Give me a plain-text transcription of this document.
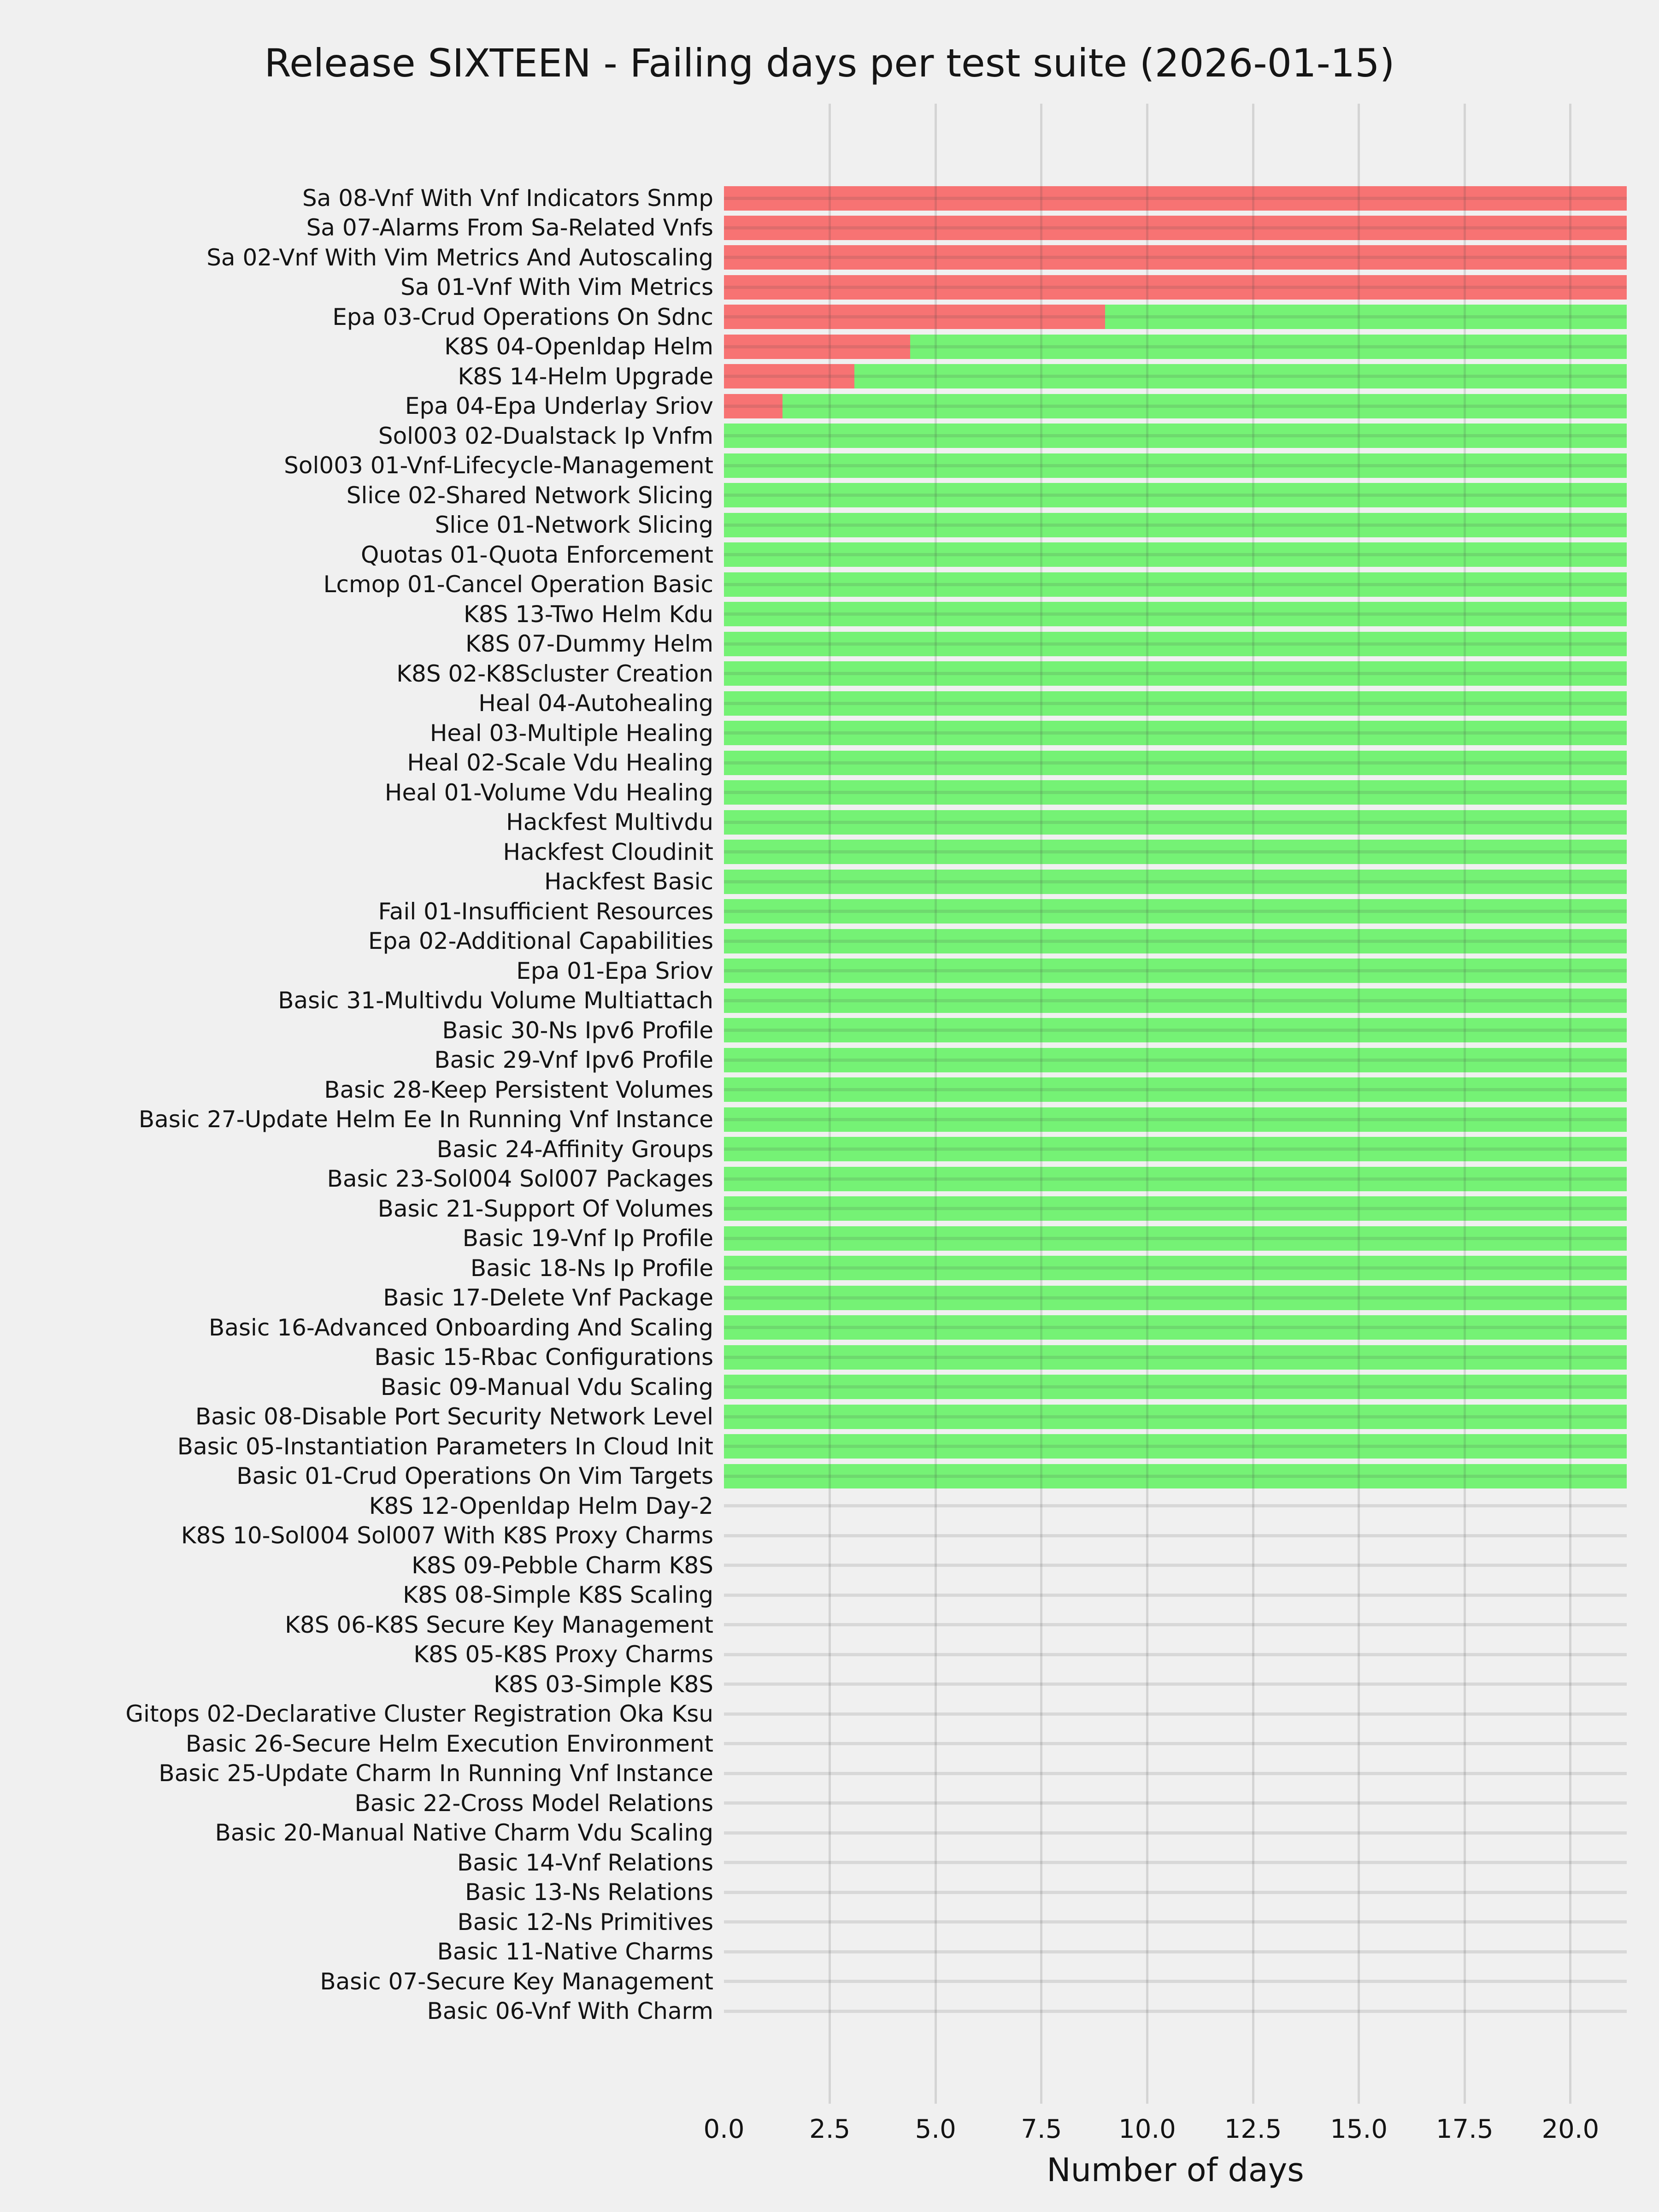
Release SIXTEEN - Failing days per test suite (2026-01-15)
0.0	2.5	5.0	7.5	10.0	12.5	15.0	17.5	20.0
Number of days
Sa 08-Vnf With Vnf Indicators Snmp
Sa 07-Alarms From Sa-Related Vnfs
Sa 02-Vnf With Vim Metrics And Autoscaling
Sa 01-Vnf With Vim Metrics
Epa 03-Crud Operations On Sdnc
K8S 04-Openldap Helm
K8S 14-Helm Upgrade
Epa 04-Epa Underlay Sriov
Sol003 02-Dualstack Ip Vnfm
Sol003 01-Vnf-Lifecycle-Management
Slice 02-Shared Network Slicing
Slice 01-Network Slicing
Quotas 01-Quota Enforcement
Lcmop 01-Cancel Operation Basic
K8S 13-Two Helm Kdu
K8S 07-Dummy Helm
K8S 02-K8Scluster Creation
Heal 04-Autohealing
Heal 03-Multiple Healing
Heal 02-Scale Vdu Healing
Heal 01-Volume Vdu Healing
Hackfest Multivdu
Hackfest Cloudinit
Hackfest Basic
Fail 01-Insufficient Resources
Epa 02-Additional Capabilities
Epa 01-Epa Sriov
Basic 31-Multivdu Volume Multiattach
Basic 30-Ns Ipv6 Profile
Basic 29-Vnf Ipv6 Profile
Basic 28-Keep Persistent Volumes
Basic 27-Update Helm Ee In Running Vnf Instance
Basic 24-Affinity Groups
Basic 23-Sol004 Sol007 Packages
Basic 21-Support Of Volumes
Basic 19-Vnf Ip Profile
Basic 18-Ns Ip Profile
Basic 17-Delete Vnf Package
Basic 16-Advanced Onboarding And Scaling
Basic 15-Rbac Configurations
Basic 09-Manual Vdu Scaling
Basic 08-Disable Port Security Network Level
Basic 05-Instantiation Parameters In Cloud Init
Basic 01-Crud Operations On Vim Targets
K8S 12-Openldap Helm Day-2
K8S 10-Sol004 Sol007 With K8S Proxy Charms
K8S 09-Pebble Charm K8S
K8S 08-Simple K8S Scaling
K8S 06-K8S Secure Key Management
K8S 05-K8S Proxy Charms
K8S 03-Simple K8S
Gitops 02-Declarative Cluster Registration Oka Ksu
Basic 26-Secure Helm Execution Environment
Basic 25-Update Charm In Running Vnf Instance
Basic 22-Cross Model Relations
Basic 20-Manual Native Charm Vdu Scaling
Basic 14-Vnf Relations
Basic 13-Ns Relations
Basic 12-Ns Primitives
Basic 11-Native Charms
Basic 07-Secure Key Management
Basic 06-Vnf With Charm
